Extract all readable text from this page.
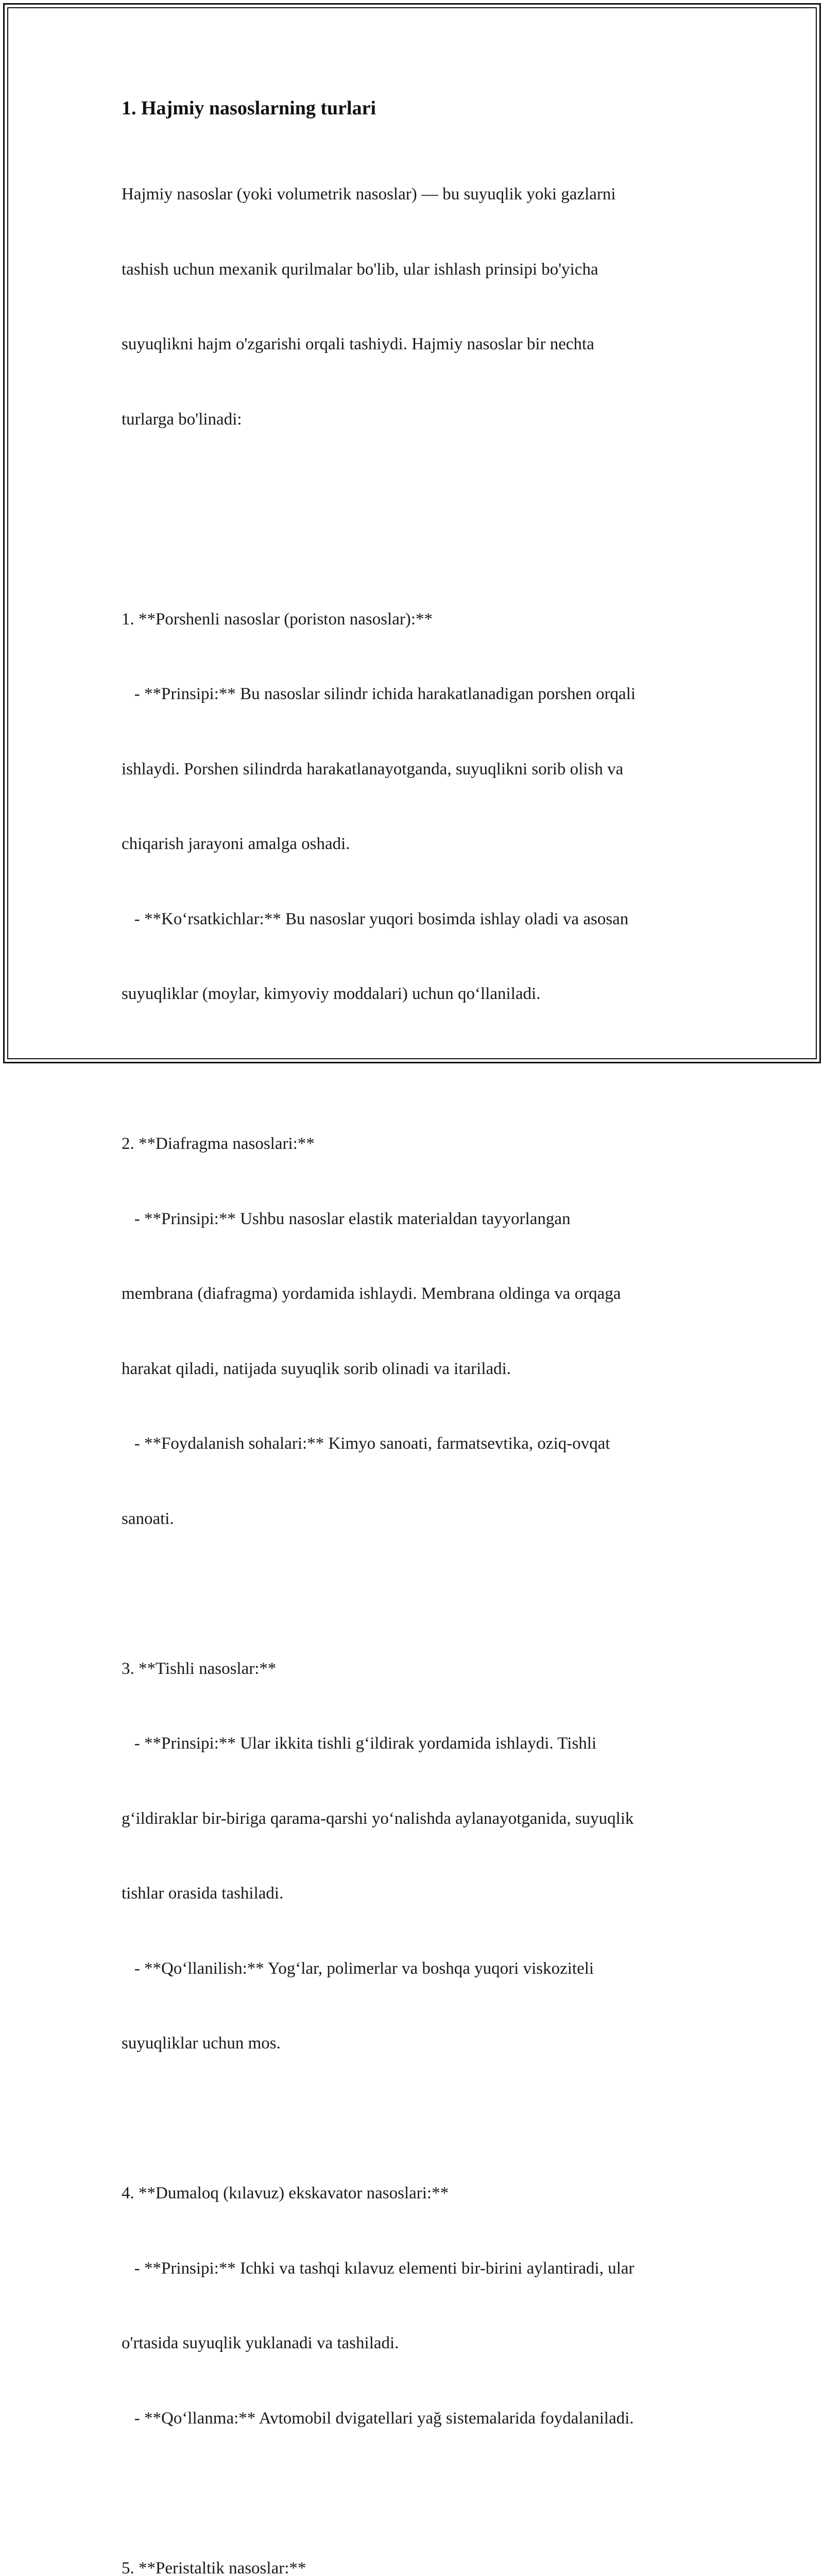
1. Hajmiy nasoslarning turlari

Hajmiy nasoslar (yoki volumetrik nasoslar) — bu suyuqlik yoki gazlarni

tashish uchun mexanik qurilmalar bo'lib, ular ishlash prinsipi bo'yicha

suyuqlikni hajm o'zgarishi orqali tashiydi. Hajmiy nasoslar bir nechta

turlarga bo'linadi:

1. **Porshenli nasoslar (poriston nasoslar):**

- **Prinsipi:** Bu nasoslar silindr ichida harakatlanadigan porshen orqali

ishlaydi. Porshen silindrda harakatlanayotganda, suyuqlikni sorib olish va

chiqarish jarayoni amalga oshadi.

- **Koʻrsatkichlar:** Bu nasoslar yuqori bosimda ishlay oladi va asosan

suyuqliklar (moylar, kimyoviy moddalari) uchun qoʻllaniladi.

2. **Diafragma nasoslari:**

- **Prinsipi:** Ushbu nasoslar elastik materialdan tayyorlangan

membrana (diafragma) yordamida ishlaydi. Membrana oldinga va orqaga

harakat qiladi, natijada suyuqlik sorib olinadi va itariladi.

- **Foydalanish sohalari:** Kimyo sanoati, farmatsevtika, oziq-ovqat

sanoati.

3. **Tishli nasoslar:**

- **Prinsipi:** Ular ikkita tishli gʻildirak yordamida ishlaydi. Tishli

gʻildiraklar bir-biriga qarama-qarshi yoʻnalishda aylanayotganida, suyuqlik

tishlar orasida tashiladi.

- **Qoʻllanilish:** Yogʻlar, polimerlar va boshqa yuqori viskoziteli

suyuqliklar uchun mos.

4. **Dumaloq (kılavuz) ekskavator nasoslari:**

- **Prinsipi:** Ichki va tashqi kılavuz elementi bir-birini aylantiradi, ular

o'rtasida suyuqlik yuklanadi va tashiladi.

- **Qoʻllanma:** Avtomobil dvigatellari yağ sistemalarida foydalaniladi.

5. **Peristaltik nasoslar:**
